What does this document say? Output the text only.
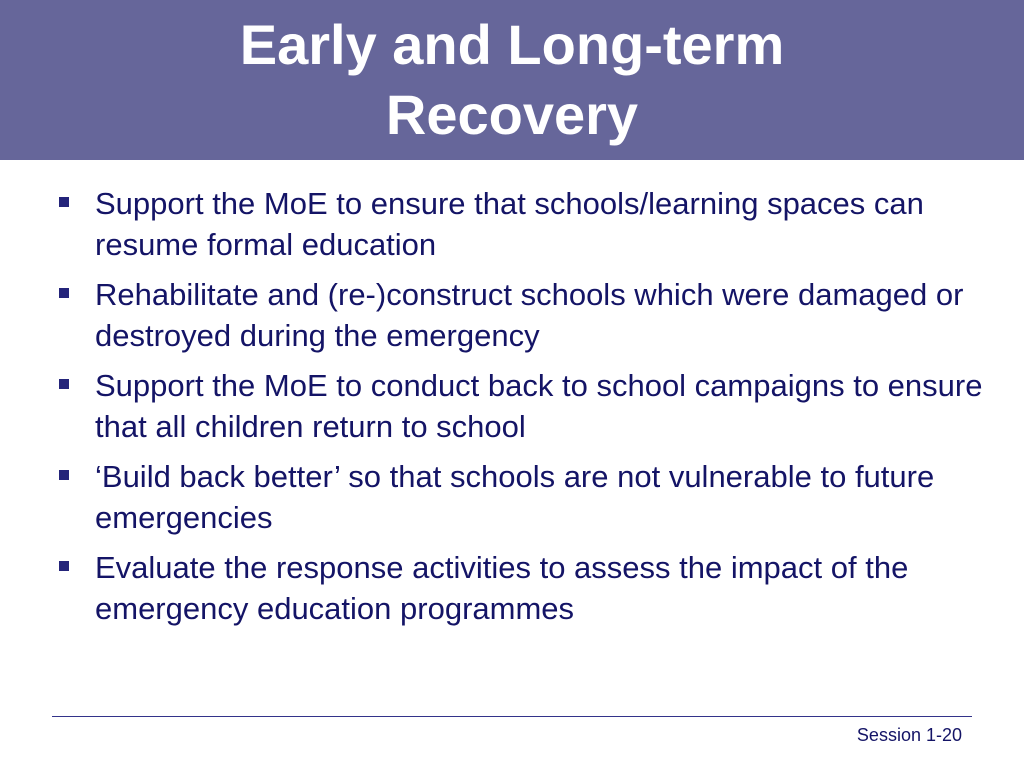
Early and Long-term
Recovery
Support the MoE to ensure that schools/learning spaces can resume formal education
Rehabilitate and (re-)construct schools which were damaged or destroyed during the emergency
Support the MoE to conduct back to school campaigns to ensure that all children return to school
‘Build back better’ so that schools are not vulnerable to future emergencies
Evaluate the response activities to assess the impact of the emergency education programmes
Session 1-20
